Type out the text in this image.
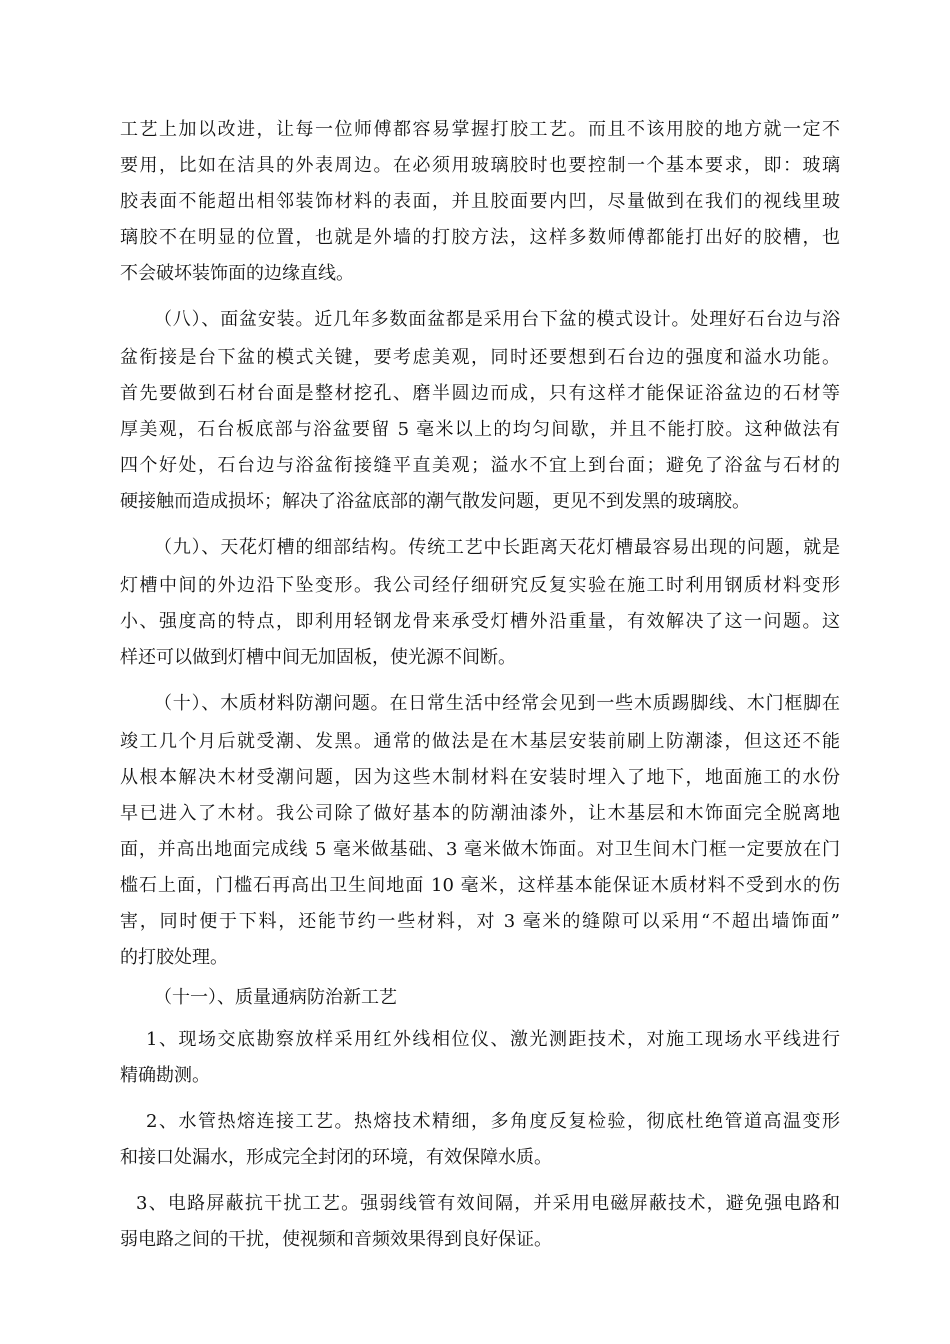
工艺上加以改进，让每一位师傅都容易掌握打胶工艺。而且不该用胶的地方就一定不
要用，比如在洁具的外表周边。在必须用玻璃胶时也要控制一个基本要求，即：玻璃
胶表面不能超出相邻装饰材料的表面，并且胶面要内凹，尽量做到在我们的视线里玻
璃胶不在明显的位置，也就是外墙的打胶方法，这样多数师傅都能打出好的胶槽，也
不会破坏装饰面的边缘直线。
（八）、面盆安装。近几年多数面盆都是采用台下盆的模式设计。处理好石台边与浴
盆衔接是台下盆的模式关键，要考虑美观，同时还要想到石台边的强度和溢水功能。
首先要做到石材台面是整材挖孔、磨半圆边而成，只有这样才能保证浴盆边的石材等
厚美观，石台板底部与浴盆要留 5 毫米以上的均匀间歇，并且不能打胶。这种做法有
四个好处，石台边与浴盆衔接缝平直美观；溢水不宜上到台面；避免了浴盆与石材的
硬接触而造成损坏；解决了浴盆底部的潮气散发问题，更见不到发黑的玻璃胶。
（九）、天花灯槽的细部结构。传统工艺中长距离天花灯槽最容易出现的问题，就是
灯槽中间的外边沿下坠变形。我公司经仔细研究反复实验在施工时利用钢质材料变形
小、强度高的特点，即利用轻钢龙骨来承受灯槽外沿重量，有效解决了这一问题。这
样还可以做到灯槽中间无加固板，使光源不间断。
（十）、木质材料防潮问题。在日常生活中经常会见到一些木质踢脚线、木门框脚在
竣工几个月后就受潮、发黑。通常的做法是在木基层安装前刷上防潮漆，但这还不能
从根本解决木材受潮问题，因为这些木制材料在安装时埋入了地下，地面施工的水份
早已进入了木材。我公司除了做好基本的防潮油漆外，让木基层和木饰面完全脱离地
面，并高出地面完成线 5 毫米做基础、3 毫米做木饰面。对卫生间木门框一定要放在门
槛石上面，门槛石再高出卫生间地面 10 毫米，这样基本能保证木质材料不受到水的伤
害，同时便于下料，还能节约一些材料，对 3 毫米的缝隙可以采用“不超出墙饰面”
的打胶处理。
（十一）、质量通病防治新工艺
1、现场交底勘察放样采用红外线相位仪、激光测距技术，对施工现场水平线进行
精确勘测。
2、水管热熔连接工艺。热熔技术精细，多角度反复检验，彻底杜绝管道高温变形
和接口处漏水，形成完全封闭的环境，有效保障水质。
3、电路屏蔽抗干扰工艺。强弱线管有效间隔，并采用电磁屏蔽技术，避免强电路和
弱电路之间的干扰，使视频和音频效果得到良好保证。
